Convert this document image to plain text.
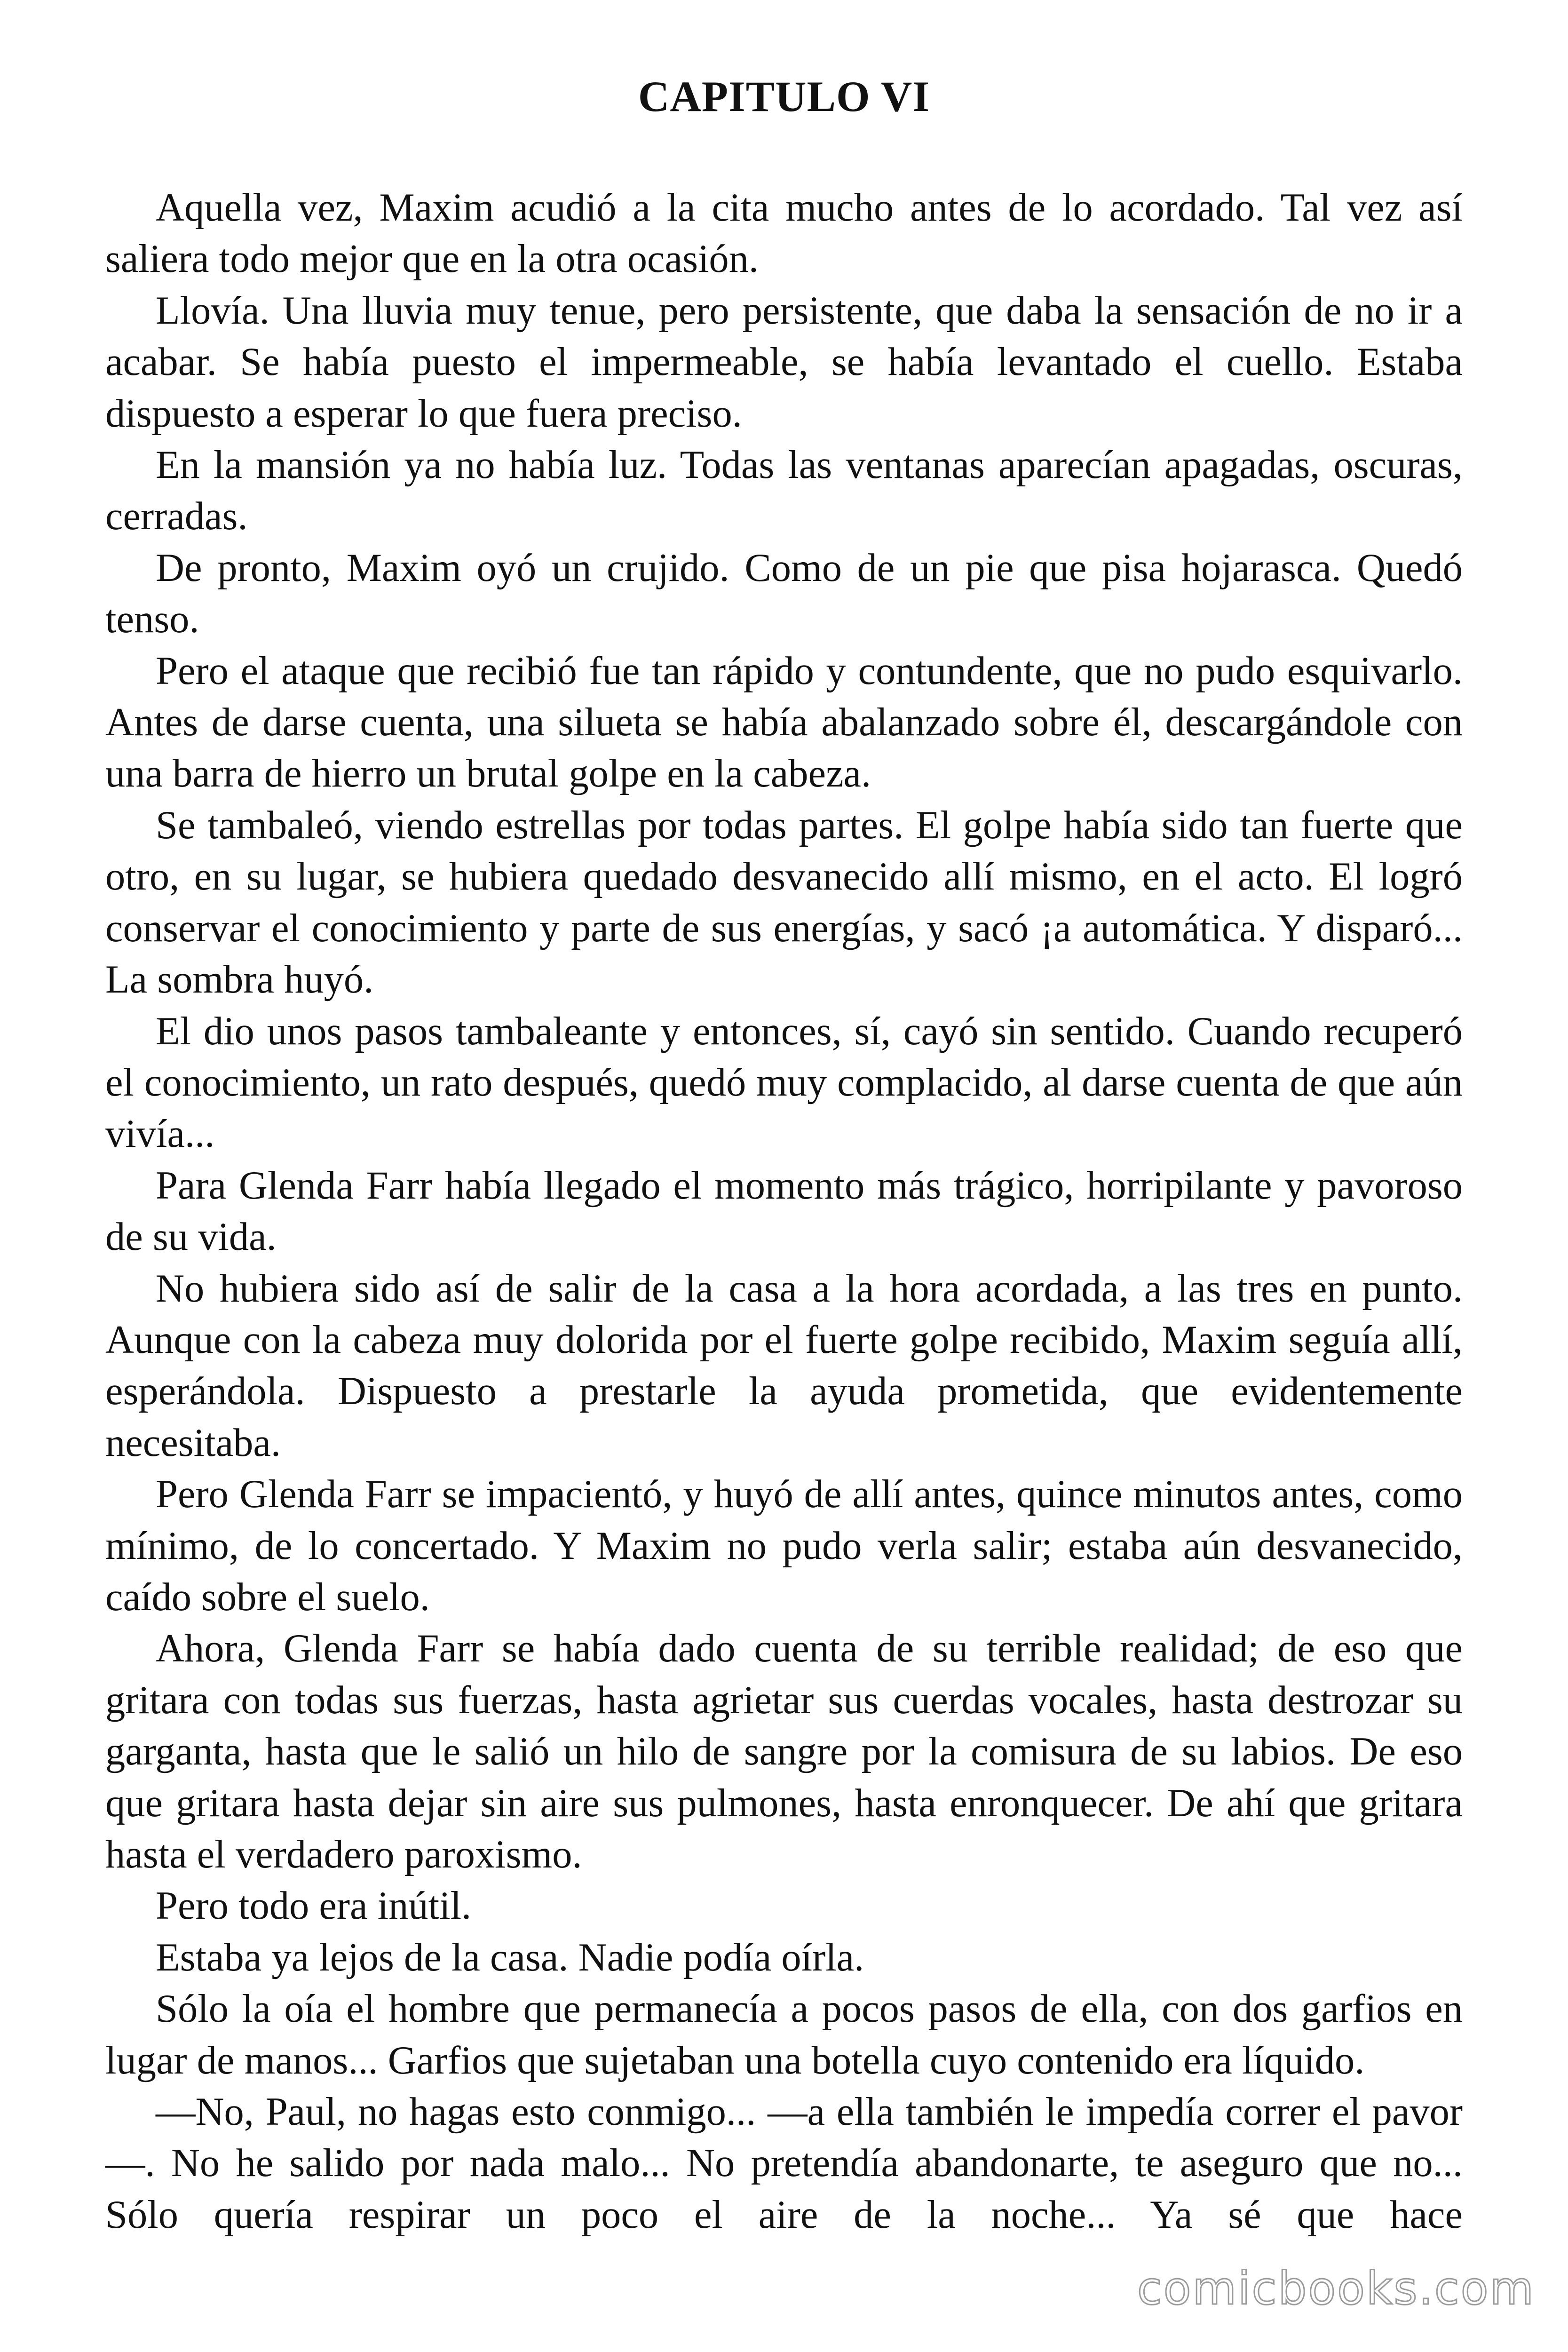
CAPITULO VI

Aquella vez, Maxim acudió a la cita mucho antes de lo acordado. Tal vez así saliera todo mejor que en la otra ocasión.

Llovía. Una lluvia muy tenue, pero persistente, que daba la sensación de no ir a acabar. Se había puesto el impermeable, se había levantado el cuello. Estaba dispuesto a esperar lo que fuera preciso.

En la mansión ya no había luz. Todas las ventanas aparecían apagadas, oscuras, cerradas.

De pronto, Maxim oyó un crujido. Como de un pie que pisa hojarasca. Quedó tenso.

Pero el ataque que recibió fue tan rápido y contundente, que no pudo esquivarlo. Antes de darse cuenta, una silueta se había abalanzado sobre él, descargándole con una barra de hierro un brutal golpe en la cabeza.

Se tambaleó, viendo estrellas por todas partes. El golpe había sido tan fuerte que otro, en su lugar, se hubiera quedado desvanecido allí mismo, en el acto. El logró conservar el conocimiento y parte de sus energías, y sacó ¡a automática. Y disparó... La sombra huyó.

El dio unos pasos tambaleante y entonces, sí, cayó sin sentido. Cuando recuperó el conocimiento, un rato después, quedó muy complacido, al darse cuenta de que aún vivía...

Para Glenda Farr había llegado el momento más trágico, horripilante y pavoroso de su vida.

No hubiera sido así de salir de la casa a la hora acordada, a las tres en punto. Aunque con la cabeza muy dolorida por el fuerte golpe recibido, Maxim seguía allí, esperándola. Dispuesto a prestarle la ayuda prometida, que evidentemente necesitaba.

Pero Glenda Farr se impacientó, y huyó de allí antes, quince minutos antes, como mínimo, de lo concertado. Y Maxim no pudo verla salir; estaba aún desvanecido, caído sobre el suelo.

Ahora, Glenda Farr se había dado cuenta de su terrible realidad; de eso que gritara con todas sus fuerzas, hasta agrietar sus cuerdas vocales, hasta destrozar su garganta, hasta que le salió un hilo de sangre por la comisura de su labios. De eso que gritara hasta dejar sin aire sus pulmones, hasta enronquecer. De ahí que gritara hasta el verdadero paroxismo.

Pero todo era inútil.

Estaba ya lejos de la casa. Nadie podía oírla.

Sólo la oía el hombre que permanecía a pocos pasos de ella, con dos garfios en lugar de manos... Garfios que sujetaban una botella cuyo contenido era líquido.

—No, Paul, no hagas esto conmigo... —a ella también le impedía correr el pavor—. No he salido por nada malo... No pretendía abandonarte, te aseguro que no... Sólo quería respirar un poco el aire de la noche... Ya sé que hace

comicbooks.com
